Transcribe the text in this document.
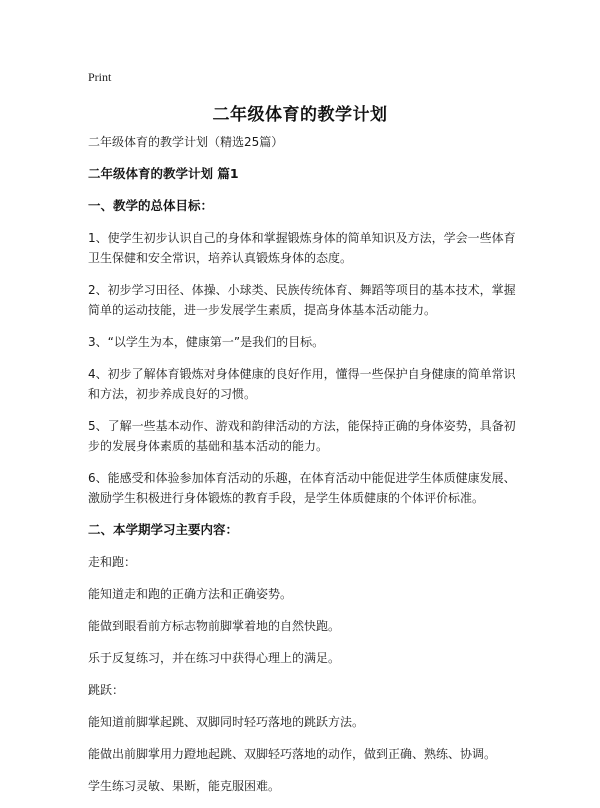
Print
二年级体育的教学计划
二年级体育的教学计划（精选25篇）
二年级体育的教学计划 篇1
一、教学的总体目标：
1、使学生初步认识自己的身体和掌握锻炼身体的简单知识及方法，学会一些体育卫生保健和安全常识，培养认真锻炼身体的态度。
2、初步学习田径、体操、小球类、民族传统体育、舞蹈等项目的基本技术，掌握简单的运动技能，进一步发展学生素质，提高身体基本活动能力。
3、“以学生为本，健康第一”是我们的目标。
4、初步了解体育锻炼对身体健康的良好作用，懂得一些保护自身健康的简单常识和方法，初步养成良好的习惯。
5、了解一些基本动作、游戏和韵律活动的方法，能保持正确的身体姿势，具备初步的发展身体素质的基础和基本活动的能力。
6、能感受和体验参加体育活动的乐趣，在体育活动中能促进学生体质健康发展、激励学生积极进行身体锻炼的教育手段，是学生体质健康的个体评价标准。
二、本学期学习主要内容：
走和跑：
能知道走和跑的正确方法和正确姿势。
能做到眼看前方标志物前脚掌着地的自然快跑。
乐于反复练习，并在练习中获得心理上的满足。
跳跃：
能知道前脚掌起跳、双脚同时轻巧落地的跳跃方法。
能做出前脚掌用力蹬地起跳、双脚轻巧落地的动作，做到正确、熟练、协调。
学生练习灵敏、果断，能克服困难。
